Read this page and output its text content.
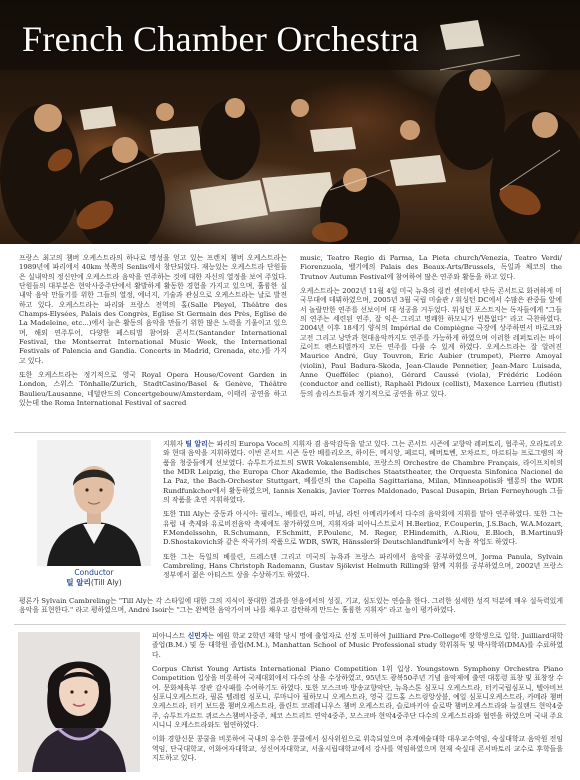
French Chamber Orchestra

프랑스 최고의 챔버 오케스트라의 하나로 명성을 얻고 있는 프렌치 챔버 오케스트라는 1989년에 파리에서 40km 북쪽의 Senlis에서 창단되었다. 재능있는 오케스트라 단원들은 실내악의 정신안에 오케스트라 음악을 연주하는 것에 대한 자신의 열정을 보여 주었다. 단원들의 대부분은 현악사중주단에서 활발하게 활동한 경험을 가지고 있으며, 훌륭한 실내악 음악 만들기를 위한 그들의 열정, 에너지, 기술과 관심으로 오케스트라는 날로 발전하고 있다. 오케스트라는 파리와 프랑스 전역의 홀(Salle Pleyel, Théâtre des Champs-Elysées, Palais des Congrès, Eglise St Germain des Près, Eglise de La Madeleine, etc...)에서 늘은 활동의 음악을 만들기 위한 많은 노력을 기울이고 있으며, 해외 연주투어, 다양한 페스티벌 참여와 콘서트(Santander International Festival, the Montserrat International Music Week, the International Festivals of Palencia and Gandia. Concerts in Madrid, Grenada, etc.)를 가지고 있다.

또한 오케스트라는 정기적으로 영국 Royal Opera House/Covent Garden in London, 스위스 Tönhalle/Zurich, StadtCasino/Basel & Genève, Théâtre Baulieu/Lausanne, 네덜란드의 Concertgebouw/Amsterdam, 이태리 공연을 하고 있는데 the Roma International Festival of sacred

music, Teatro Regio di Parma, La Pieta church/Venezia, Teatro Verdi/ Fiorenzuola, 벨기에의 Palais des Beaux-Arts/Brussels, 독일과 체코의 the Trutnov Autumn Festival에 참여하여 많은 연주와 활동을 하고 있다.

오케스트라는 2002년 11월 4일 미국 뉴욕의 링컨 센터에서 단독 콘서트로 화려하게 미국무대에 데뷔하였으며, 2005년 3월 국립 미술관 / 워싱턴 DC에서 수많은 관중들 앞에서 놀랄만한 연주를 선보이며 대 성공을 거두었다. 워싱턴 포스트지는 독자들에게 "그들의 연주는 세련된 연주, 잘 익은 그리고 명쾌한 하모니가 빈틈없다" 라고 극찬하였다. 2004년 이후 18세기 양식의 Impérial de Compiègne 극장에 상주하면서 바로크와 고전 그리고 낭만과 현대음악까지도 연주를 가능하게 하였으며 이러한 레퍼토리는 바이로이트 펜스티벌까지 모든 연주를 다룰 수 있게 하였다. 오케스트라는 잘 알려진 Maurice André, Guy Touvron, Eric Aubier (trumpet), Pierre Amoyal (violin), Paul Badura-Skoda, Jean-Claude Pennetier, Jean-Marc Luisada, Anne Queffélec (piano), Gérard Caussé (viola), Frédéric Lodéon (conductor and cellist), Raphaël Pidoux (cellist), Maxence Larrieu (flutist) 등의 솔리스트들과 정기적으로 공연을 하고 있다.

Conductor
틸 알리(Till Aly)

지휘자 틸 알리는 파리의 Europa Voce의 지휘자 겸 음악감독을 맡고 있다. 그는 콘서트 시즌에 교향악 레퍼토리, 협주곡, 오라토리오와 현대 음악을 지휘하였다. 이번 콘서트 시즌 동안 베를리오즈, 하이든, 메시앙, 페르디, 베버토벤, 모차르트, 마르티뉴 프로그램의 작품을 청중들에게 선보였다. 슈투트가르트의 SWR Vokalensemble, 프랑스의 Orchestre de Chambre Français, 라이프치히의 the MDR Leipzig, the Europa Chor Akademie, the Badisches Staatstheater, the Orquesta Sinfonica Nacionel de La Paz, the Bach-Orchester Stuttgart, 베를린의 the Capella Sagittariana, Milan, Minneapolis와 벨롱의 the WDR Rundfunkchor에서 활동하였으며, Iannis Xenakis, Javier Torres Maldonado, Pascal Dusapin, Brian Ferneyhough 그들의 작품을 초연 지휘하였다.

또한 Till Aly는 중동과 아시아: 필리노, 베를린, 파리, 마닐, 라틴 아메리카에서 다수의 음악회에 지휘를 맡아 연주하였다. 또한 그는 유럽 내 축제와 유로비전음악 축제에도 참가하였으며, 지휘자와 피아니스트로서 H.Berlioz, F.Couperin, J.S.Bach, W.A.Mozart, F.Mendelssohn, R.Schumann, F.Schmitt, F.Poulenc, M. Reger, P.Hindemith, A.Riou, E.Bloch, B.Martinu와 D.Shostakovich와 같은 작곡가의 작품으로 WDR, SWR, Hänssler와 Deutschlandfunk에서 녹음 작업도 하였다.

또한 그는 독일의 베를린, 드레스덴 그리고 미국의 뉴욕과 프랑스 파리에서 음악을 공부하였으며, Jorma Panula, Sylvain Cambreling, Hans Christoph Rademann, Gustav Sjökvist Helmuth Rilling와 함께 지휘를 공부하였으며, 2002년 프랑스 정부에서 젊은 아티스트 상을 수상하기도 하였다.

평론가 Sylvain Cambreling는 "Till Aly는 각 스타일에 대한 그의 지식이 풍대한 결과를 얻음에서의 성질, 기교, 심도있는 연습을 한다. 그러한 섬세한 성격 덕분에 매우 설득력있게 음악을 표현한다." 라고 평하였으며, André Isoir는 "그는 완벽한 음악가이며 나를 채우고 감탄하게 만드는 훌륭한 지휘자" 라고 높이 평가하였다.

피아니스트 신민자는 예원 학교 2학년 재학 당시 명예 출업자로 선정 도미하여 Juilliard Pre-College에 장학생으로 입학. Juilliard대학졸업(B.M.) 및 동 대학원 졸업(M.M.), Manhattan School of Music Professional study 학위취득 및 박사학위(DMA)를 수료하였다.

Corpus Christ Young Artists International Piano Competition 1위 입상. Youngstown Symphony Orchestra Piano Competition 입상을 비롯하여 국제대회에서 다수의 상을 수상하였고, 95년도 광복50주년 기념 음악제에 출연 대통령 표창 및 표창장 수여. 문화체육부 장관 감사패를 수여하기도 하였다. 또한 모스크바 방송교향악단, 뉴욕스톤 심포니 오케스트라, 터키국립심포니, 텔아비브 심포니오케스트라, 필론 텔레컴 심포니, 루마니아 필하모니 오케스트라, 영국 길드홀 스트링앙상블, 예일 심포니오케스트라, 카메라 챔버오케스트라, 터키 보드룸 챔버오케스트라, 플린트 코레레니우스 챔버 오케스트라, 슬로바키아 슬로박 챔버오케스트라와 뉴질랜드 현악4중주, 슈투트가르트 퀴르스스챔버사중주, 체코 스트리트 연악4중주, 모스크바 현악4중주단 다수의 오케스트라와 협연을 하였으며 국내 주요 시니니 오케스트라와도 협연하였다.

이화 경향신문 콩쿨을 비롯하여 국내의 유수한 콩쿨에서 심사위원으로 위촉되었으며 추계예술대학 대우교수역임, 숙실대학교 음악원 전임역임, 단국대학교, 이화여자대학교, 성신여자대학교, 서울시립대학교에서 강사를 역임하였으며 현재 숙실대 콘서바토리 교수로 후학들을 지도하고 있다.
